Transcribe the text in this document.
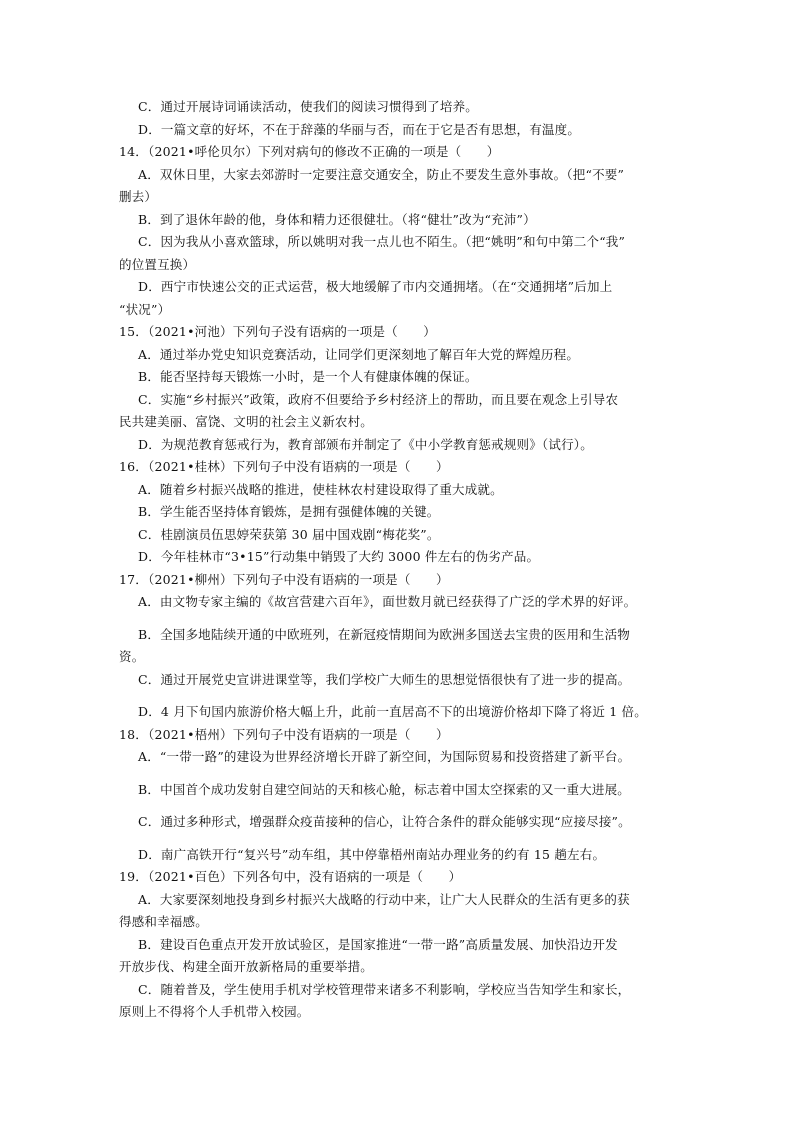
C．通过开展诗词诵读活动，使我们的阅读习惯得到了培养。
D．一篇文章的好坏，不在于辞藻的华丽与否，而在于它是否有思想，有温度。
14．（2021•呼伦贝尔）下列对病句的修改不正确的一项是（　　）
A．双休日里，大家去郊游时一定要注意交通安全，防止不要发生意外事故。（把“不要”
删去）
B．到了退休年龄的他，身体和精力还很健壮。（将“健壮”改为“充沛”）
C．因为我从小喜欢篮球，所以姚明对我一点儿也不陌生。（把“姚明”和句中第二个“我”
的位置互换）
D．西宁市快速公交的正式运营，极大地缓解了市内交通拥堵。（在“交通拥堵”后加上
“状况”）
15．（2021•河池）下列句子没有语病的一项是（　　）
A．通过举办党史知识竞赛活动，让同学们更深刻地了解百年大党的辉煌历程。
B．能否坚持每天锻炼一小时，是一个人有健康体魄的保证。
C．实施“乡村振兴”政策，政府不但要给予乡村经济上的帮助，而且要在观念上引导农
民共建美丽、富饶、文明的社会主义新农村。
D．为规范教育惩戒行为，教育部颁布并制定了《中小学教育惩戒规则》（试行）。
16．（2021•桂林）下列句子中没有语病的一项是（　　）
A．随着乡村振兴战略的推进，使桂林农村建设取得了重大成就。
B．学生能否坚持体育锻炼，是拥有强健体魄的关键。
C．桂剧演员伍思婷荣获第 30 届中国戏剧“梅花奖”。
D．今年桂林市“3•15”行动集中销毁了大约 3000 件左右的伪劣产品。
17．（2021•柳州）下列句子中没有语病的一项是（　　）
A．由文物专家主编的《故宫营建六百年》，面世数月就已经获得了广泛的学术界的好评。
B．全国多地陆续开通的中欧班列，在新冠疫情期间为欧洲多国送去宝贵的医用和生活物
资。
C．通过开展党史宣讲进课堂等，我们学校广大师生的思想觉悟很快有了进一步的提高。
D．4 月下旬国内旅游价格大幅上升，此前一直居高不下的出境游价格却下降了将近 1 倍。
18．（2021•梧州）下列句子中没有语病的一项是（　　）
A．“一带一路”的建设为世界经济增长开辟了新空间，为国际贸易和投资搭建了新平台。
B．中国首个成功发射自建空间站的天和核心舱，标志着中国太空探索的又一重大进展。
C．通过多种形式，增强群众疫苗接种的信心，让符合条件的群众能够实现“应接尽接”。
D．南广高铁开行“复兴号”动车组，其中停靠梧州南站办理业务的约有 15 趟左右。
19．（2021•百色）下列各句中，没有语病的一项是（　　）
A．大家要深刻地投身到乡村振兴大战略的行动中来，让广大人民群众的生活有更多的获
得感和幸福感。
B．建设百色重点开发开放试验区，是国家推进“一带一路”高质量发展、加快沿边开发
开放步伐、构建全面开放新格局的重要举措。
C．随着普及，学生使用手机对学校管理带来诸多不利影响，学校应当告知学生和家长，
原则上不得将个人手机带入校园。
